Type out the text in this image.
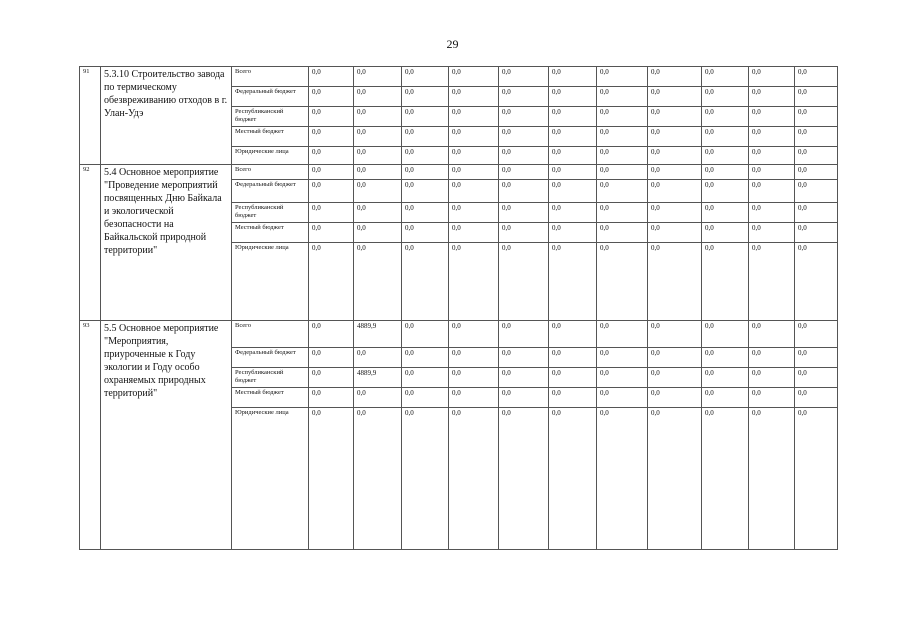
29
91	5.3.10 Строительство завода по термическому обезвреживанию отходов в г. Улан-Удэ	Всего	0,0	0,0	0,0	0,0	0,0	0,0	0,0	0,0	0,0	0,0	0,0
		Федеральный бюджет	0,0	0,0	0,0	0,0	0,0	0,0	0,0	0,0	0,0	0,0	0,0
		Республиканский бюджет	0,0	0,0	0,0	0,0	0,0	0,0	0,0	0,0	0,0	0,0	0,0
		Местный бюджет	0,0	0,0	0,0	0,0	0,0	0,0	0,0	0,0	0,0	0,0	0,0
		Юридические лица	0,0	0,0	0,0	0,0	0,0	0,0	0,0	0,0	0,0	0,0	0,0
92	5.4 Основное мероприятие "Проведение мероприятий посвященных Дню Байкала и экологической безопасности на Байкальской природной территории"	Всего	0,0	0,0	0,0	0,0	0,0	0,0	0,0	0,0	0,0	0,0	0,0
		Федеральный бюджет	0,0	0,0	0,0	0,0	0,0	0,0	0,0	0,0	0,0	0,0	0,0
		Республиканский бюджет	0,0	0,0	0,0	0,0	0,0	0,0	0,0	0,0	0,0	0,0	0,0
		Местный бюджет	0,0	0,0	0,0	0,0	0,0	0,0	0,0	0,0	0,0	0,0	0,0
		Юридические лица	0,0	0,0	0,0	0,0	0,0	0,0	0,0	0,0	0,0	0,0	0,0
93	5.5 Основное мероприятие "Мероприятия, приуроченные к Году экологии и Году особо охраняемых природных территорий"	Всего	0,0	4889,9	0,0	0,0	0,0	0,0	0,0	0,0	0,0	0,0	0,0
		Федеральный бюджет	0,0	0,0	0,0	0,0	0,0	0,0	0,0	0,0	0,0	0,0	0,0
		Республиканский бюджет	0,0	4889,9	0,0	0,0	0,0	0,0	0,0	0,0	0,0	0,0	0,0
		Местный бюджет	0,0	0,0	0,0	0,0	0,0	0,0	0,0	0,0	0,0	0,0	0,0
		Юридические лица	0,0	0,0	0,0	0,0	0,0	0,0	0,0	0,0	0,0	0,0	0,0
